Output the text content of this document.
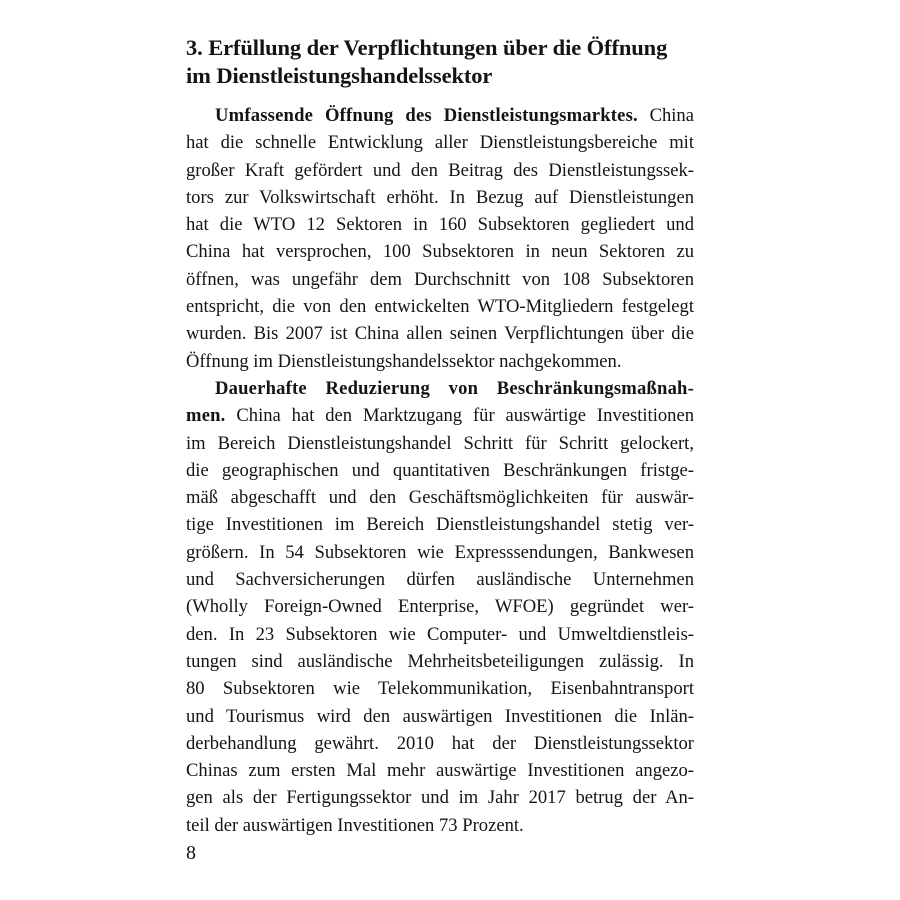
3. Erfüllung der Verpflichtungen über die Öffnung
im Dienstleistungshandelssektor
Umfassende Öffnung des Dienstleistungsmarktes. China
hat die schnelle Entwicklung aller Dienstleistungsbereiche mit
großer Kraft gefördert und den Beitrag des Dienstleistungssek-
tors zur Volkswirtschaft erhöht. In Bezug auf Dienstleistungen
hat die WTO 12 Sektoren in 160 Subsektoren gegliedert und
China hat versprochen, 100 Subsektoren in neun Sektoren zu
öffnen, was ungefähr dem Durchschnitt von 108 Subsektoren
entspricht, die von den entwickelten WTO-Mitgliedern festgelegt
wurden. Bis 2007 ist China allen seinen Verpflichtungen über die
Öffnung im Dienstleistungshandelssektor nachgekommen.
Dauerhafte Reduzierung von Beschränkungsmaßnah-
men. China hat den Marktzugang für auswärtige Investitionen
im Bereich Dienstleistungshandel Schritt für Schritt gelockert,
die geographischen und quantitativen Beschränkungen fristge-
mäß abgeschafft und den Geschäftsmöglichkeiten für auswär-
tige Investitionen im Bereich Dienstleistungshandel stetig ver-
größern. In 54 Subsektoren wie Expresssendungen, Bankwesen
und Sachversicherungen dürfen ausländische Unternehmen
(Wholly Foreign-Owned Enterprise, WFOE) gegründet wer-
den. In 23 Subsektoren wie Computer- und Umweltdienstleis-
tungen sind ausländische Mehrheitsbeteiligungen zulässig. In
80 Subsektoren wie Telekommunikation, Eisenbahntransport
und Tourismus wird den auswärtigen Investitionen die Inlän-
derbehandlung gewährt. 2010 hat der Dienstleistungssektor
Chinas zum ersten Mal mehr auswärtige Investitionen angezo-
gen als der Fertigungssektor und im Jahr 2017 betrug der An-
teil der auswärtigen Investitionen 73 Prozent.
8
